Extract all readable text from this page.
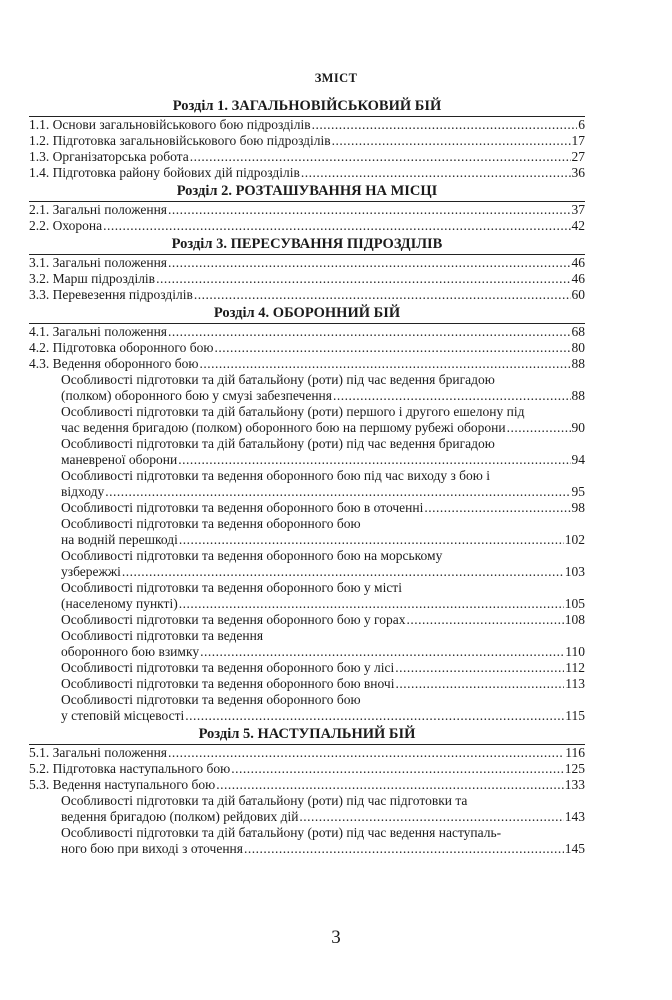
ЗМІСТ
Розділ 1. ЗАГАЛЬНОВІЙСЬКОВИЙ БІЙ
1.1. Основи загальновійськового бою підрозділів .....	6
1.2. Підготовка загальновійськового бою підрозділів .....	17
1.3. Організаторська робота .....	27
1.4. Підготовка району бойових дій підрозділів .....	36
Розділ 2. РОЗТАШУВАННЯ НА МІСЦІ
2.1. Загальні положення .....	37
2.2. Охорона .....	42
Розділ 3. ПЕРЕСУВАННЯ ПІДРОЗДІЛІВ
3.1. Загальні положення .....	46
3.2. Марш підрозділів .....	46
3.3. Перевезення підрозділів .....	60
Розділ 4. ОБОРОННИЙ БІЙ
4.1. Загальні положення .....	68
4.2. Підготовка оборонного бою .....	80
4.3. Ведення оборонного бою .....	88
Особливості підготовки та дій батальйону (роти) під час ведення бригадою
(полком) оборонного бою у смузі забезпечення .....	88
Особливості підготовки та дій батальйону (роти) першого і другого ешелону під
час ведення бригадою (полком) оборонного бою на першому рубежі оборони .....	90
Особливості підготовки та дій батальйону (роти) під час ведення бригадою
маневреної оборони .....	94
Особливості підготовки та ведення оборонного бою під час виходу з бою і
відходу .....	95
Особливості підготовки та ведення оборонного бою в оточенні .....	98
Особливості підготовки та ведення оборонного бою
на водній перешкоді .....	102
Особливості підготовки та ведення оборонного бою на морському
узбережжі .....	103
Особливості підготовки та ведення оборонного бою у місті
(населеному пункті) .....	105
Особливості підготовки та ведення оборонного бою у горах .....	108
Особливості підготовки та ведення
оборонного бою взимку .....	110
Особливості підготовки та ведення оборонного бою у лісі .....	112
Особливості підготовки та ведення оборонного бою вночі .....	113
Особливості підготовки та ведення оборонного бою
у степовій місцевості .....	115
Розділ 5. НАСТУПАЛЬНИЙ БІЙ
5.1. Загальні положення .....	116
5.2. Підготовка наступального бою .....	125
5.3. Ведення наступального бою .....	133
Особливості підготовки та дій батальйону (роти) під час підготовки та
ведення бригадою (полком) рейдових дій .....	143
Особливості підготовки та дій батальйону (роти) під час ведення наступаль-
ного бою при виході з оточення .....	145
3
